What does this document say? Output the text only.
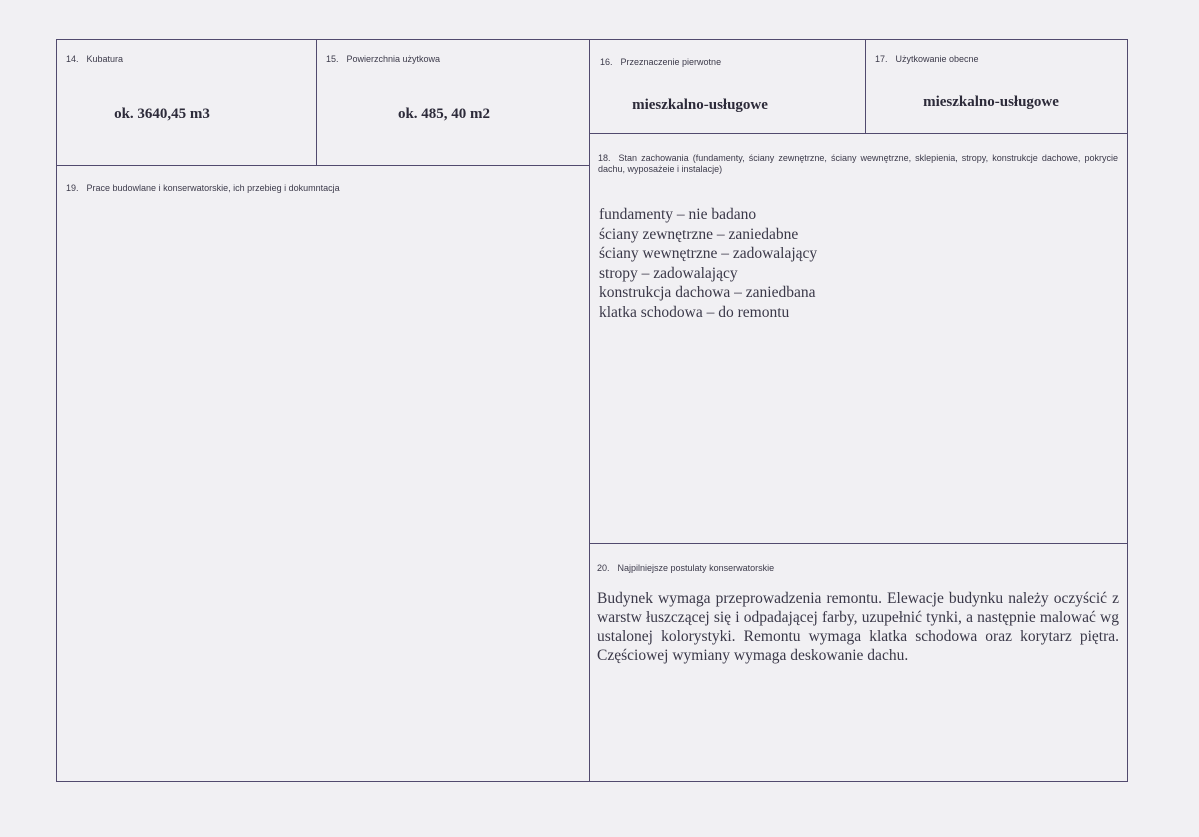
14. Kubatura
ok. 3640,45 m3
15. Powierzchnia użytkowa
ok. 485, 40 m2
16. Przeznaczenie pierwotne
mieszkalno-usługowe
17. Użytkowanie obecne
mieszkalno-usługowe
18. Stan zachowania (fundamenty, ściany zewnętrzne, ściany wewnętrzne, sklepienia, stropy, konstrukcje dachowe, pokrycie dachu, wyposażeie i instalacje)
fundamenty – nie badano
ściany zewnętrzne – zaniedabne
ściany wewnętrzne – zadowalający
stropy – zadowalający
konstrukcja dachowa – zaniedbana
klatka schodowa – do remontu
19. Prace budowlane i konserwatorskie, ich przebieg i dokumntacja
20. Najpilniejsze postulaty konserwatorskie
Budynek wymaga przeprowadzenia remontu. Elewacje budynku należy oczyścić z warstw łuszczącej się i odpadającej farby, uzupełnić tynki, a następnie malować wg ustalonej kolorystyki. Remontu wymaga klatka schodowa oraz korytarz piętra. Częściowej wymiany wymaga deskowanie dachu.
